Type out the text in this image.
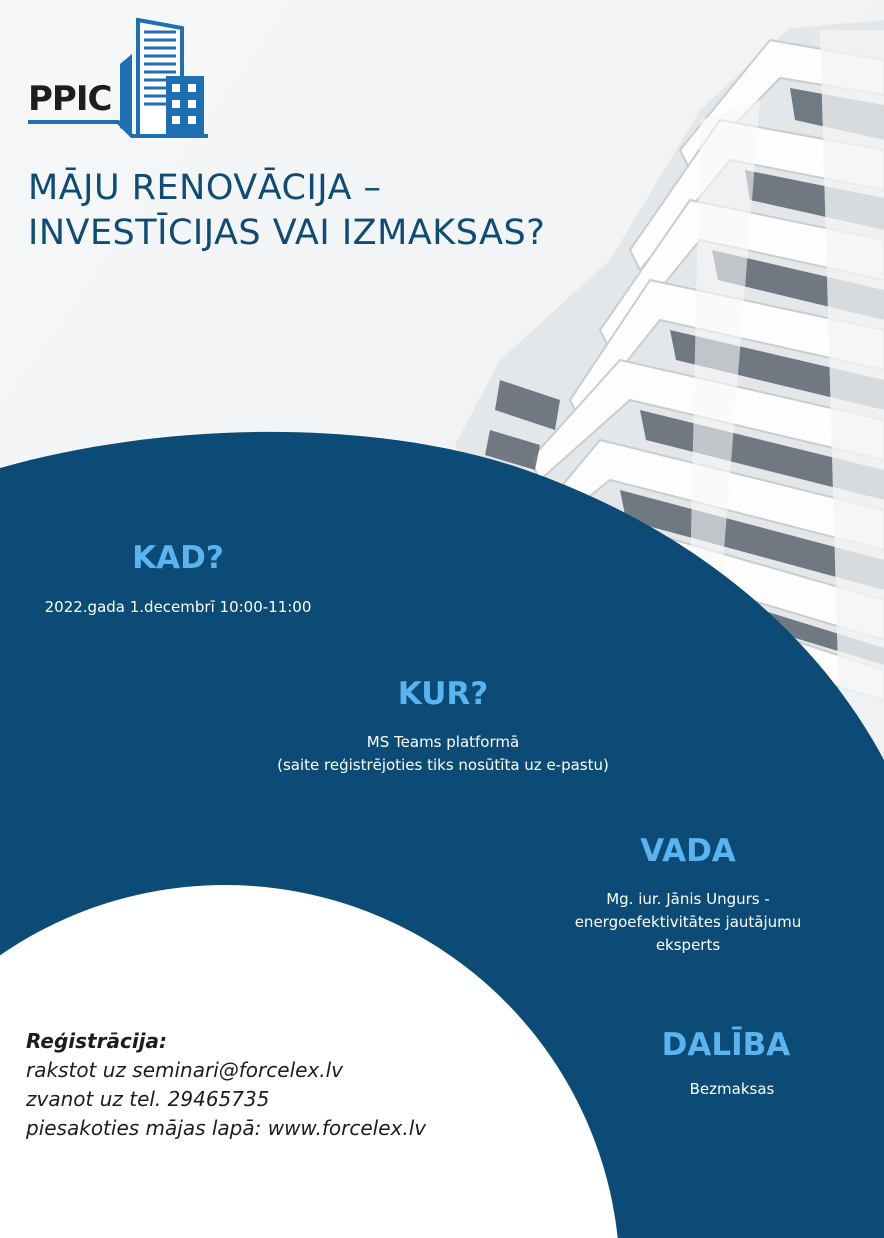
PPIC
MĀJU RENOVĀCIJA –
INVESTĪCIJAS VAI IZMAKSAS?
KAD?
2022.gada 1.decembrī 10:00-11:00
KUR?
MS Teams platformā
(saite reģistrējoties tiks nosūtīta uz e-pastu)
VADA
Mg. iur. Jānis Ungurs -
energoefektivitātes jautājumu
eksperts
DALĪBA
Bezmaksas
Reģistrācija:
rakstot uz seminari@forcelex.lv
zvanot uz tel. 29465735
piesakoties mājas lapā: www.forcelex.lv
